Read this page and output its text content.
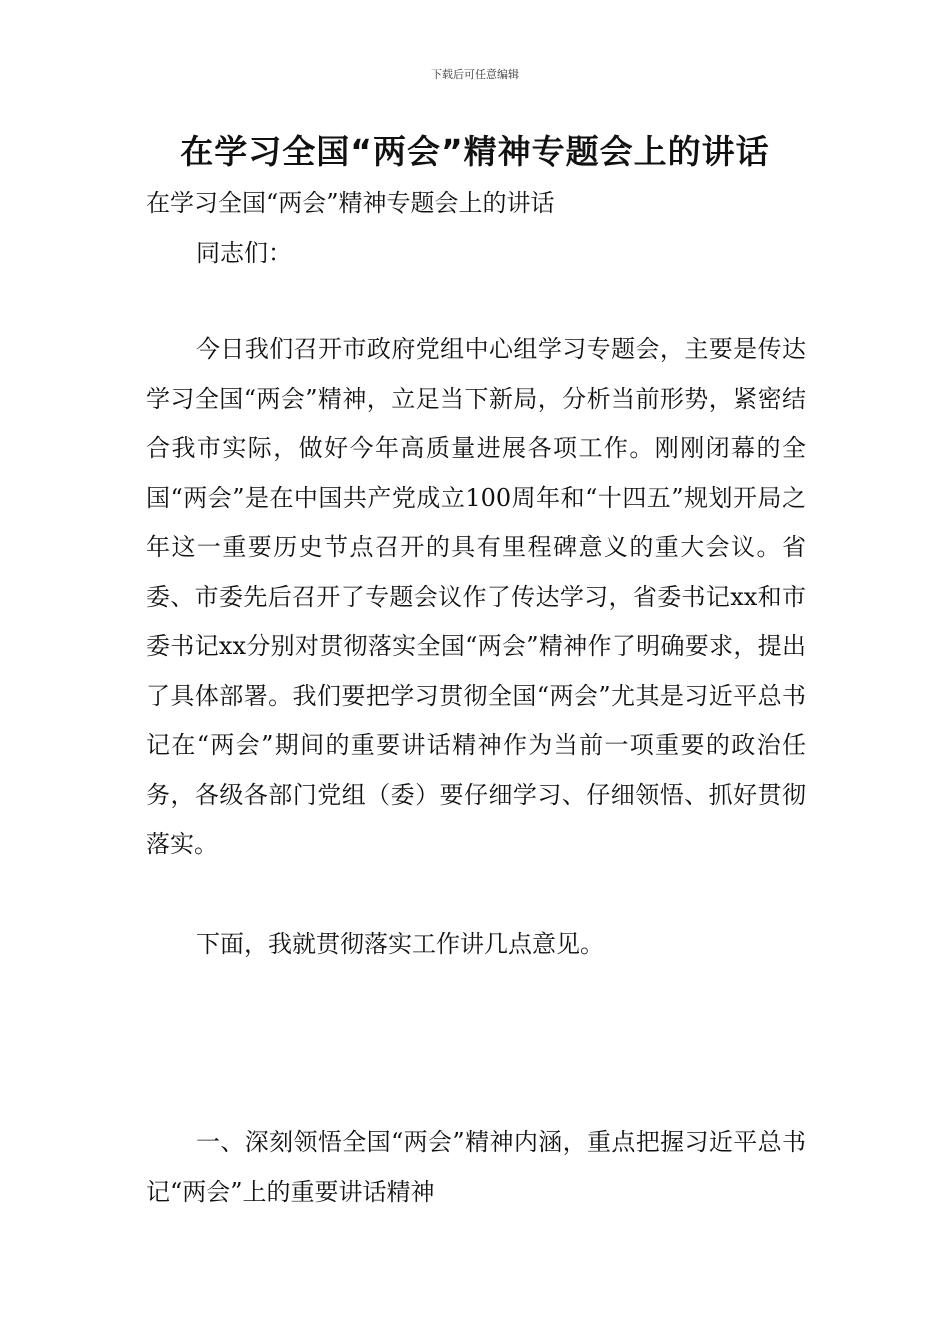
下载后可任意编辑
在学习全国“两会”精神专题会上的讲话
在学习全国“两会”精神专题会上的讲话
同志们：

今日我们召开市政府党组中心组学习专题会，主要是传达学习全国“两会”精神，立足当下新局，分析当前形势，紧密结合我市实际，做好今年高质量进展各项工作。刚刚闭幕的全国“两会”是在中国共产党成立100周年和“十四五”规划开局之年这一重要历史节点召开的具有里程碑意义的重大会议。省委、市委先后召开了专题会议作了传达学习，省委书记xx和市委书记xx分别对贯彻落实全国“两会”精神作了明确要求，提出了具体部署。我们要把学习贯彻全国“两会”尤其是习近平总书记在“两会”期间的重要讲话精神作为当前一项重要的政治任务，各级各部门党组（委）要仔细学习、仔细领悟、抓好贯彻落实。

下面，我就贯彻落实工作讲几点意见。

一、深刻领悟全国“两会”精神内涵，重点把握习近平总书记“两会”上的重要讲话精神
